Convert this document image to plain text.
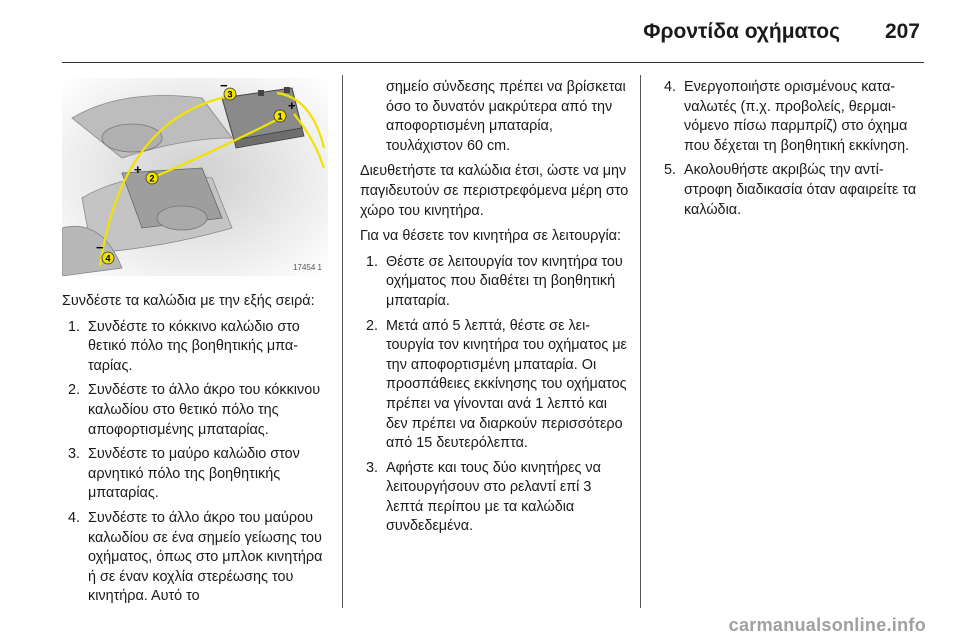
Φροντίδα οχήματος 207
3
1
2
4
−
+
+
−
17454 1

Συνδέστε τα καλώδια με την εξής σειρά:

1. Συνδέστε το κόκκινο καλώδιο στο θετικό πόλο της βοηθητικής μπαταρίας.
2. Συνδέστε το άλλο άκρο του κόκκινου καλωδίου στο θετικό πόλο της αποφορτισμένης μπαταρίας.
3. Συνδέστε το μαύρο καλώδιο στον αρνητικό πόλο της βοηθητικής μπαταρίας.
4. Συνδέστε το άλλο άκρο του μαύρου καλωδίου σε ένα σημείο γείωσης του οχήματος, όπως στο μπλοκ κινητήρα ή σε έναν κοχλία στερέωσης του κινητήρα. Αυτό το

σημείο σύνδεσης πρέπει να βρίσκεται όσο το δυνατόν μακρύτερα από την αποφορτισμένη μπαταρία, τουλάχιστον 60 cm.

Διευθετήστε τα καλώδια έτσι, ώστε να μην παγιδευτούν σε περιστρεφόμενα μέρη στο χώρο του κινητήρα.

Για να θέσετε τον κινητήρα σε λειτουργία:

1. Θέστε σε λειτουργία τον κινητήρα του οχήματος που διαθέτει τη βοηθητική μπαταρία.
2. Μετά από 5 λεπτά, θέστε σε λειτουργία τον κινητήρα του οχήματος με την αποφορτισμένη μπαταρία. Οι προσπάθειες εκκίνησης του οχήματος πρέπει να γίνονται ανά 1 λεπτό και δεν πρέπει να διαρκούν περισσότερο από 15 δευτερόλεπτα.
3. Αφήστε και τους δύο κινητήρες να λειτουργήσουν στο ρελαντί επί 3 λεπτά περίπου με τα καλώδια συνδεδεμένα.
4. Ενεργοποιήστε ορισμένους καταναλωτές (π.χ. προβολείς, θερμαινόμενο πίσω παρμπρίζ) στο όχημα που δέχεται τη βοηθητική εκκίνηση.
5. Ακολουθήστε ακριβώς την αντίστροφη διαδικασία όταν αφαιρείτε τα καλώδια.
carmanualsonline.info
